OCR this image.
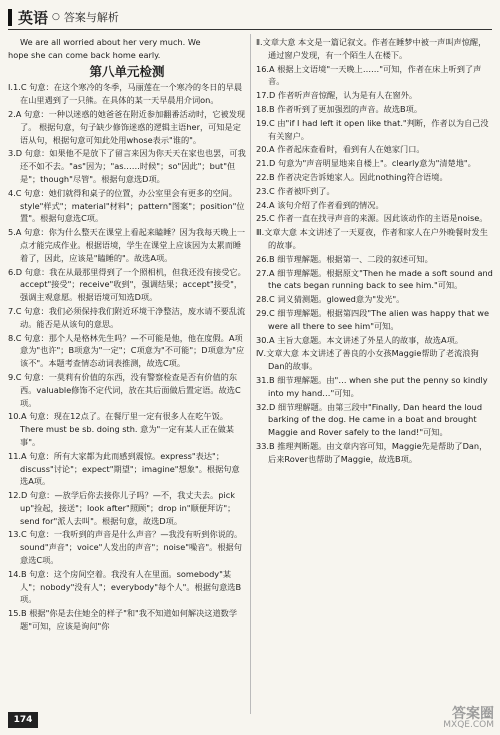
英语 ○ 答案与解析

We are all worried about her very much. We

hope she can come back home early.

第八单元检测

Ⅰ.1.C 句意：在这个寒冷的冬季，马丽莲在一个寒冷的冬日的早晨在山里遇到了一只熊。在具体的某一天早晨用介词on。

2.A 句意：一种以迷惑的她爸爸在附近参加翻番活动时，它被发现了。 根据句意，句子缺少修饰迷惑的逻辑主语her，可知是定语从句，根据句意可知此处用whose表示"谁的"。

3.D 句意：如果他不是放下了留言来因为你天天在家也也罢，可我还不如不去。"as"因为；"as……时候"；so"因此"；but"但是"；though"尽管"。根据句意选D项。

4.C 句意：她们就得和桌子的位置，办公室里会有更多的空间。style"样式"；material"材料"；pattern"图案"；position"位置"。根据句意选C项。

5.A 句意：你为什么整天在课堂上看起来瞌睡？因为我每天晚上一点才能完成作业。根据语境，学生在课堂上应该因为太累而睡着了，因此，应该是"瞌睡的"。故选A项。

6.D 句意：我在从最那里得到了一个照相机，但我还没有接受它。accept"接受"；receive"收到"，强调结果；accept"接受"，强调主观意愿。根据语境可知选D项。

7.C 句意：我们必须保持我们附近环境干净整洁，废水请不要乱流动。能否是从该句的意思。

8.C 句意：那个人是格林先生吗？—不可能是他，他在度假。A项意为"也许"；B项意为"一定"；C项意为"不可能"；D项意为"应该不"。本题考查情态动词表推测，故选C项。

9.C 句意：一莫莉有价值的东西，没有警察检查是否有价值的东西。valuable修饰不定代词，放在其后面做后置定语。故选C项。

10.A 句意：现在12点了。在餐厅里一定有很多人在吃午饭。There must be sb. doing sth. 意为"一定有某人正在做某事"。

11.A 句意：所有大家都为此而感到震惊。express"表达"；discuss"讨论"；expect"期望"；imagine"想象"。根据句意选A项。

12.D 句意：—放学后你去接你儿子吗？—不，我丈夫去。pick up"捡起，接送"；look after"照顾"；drop in"顺便拜访"；send for"派人去叫"。根据句意，故选D项。

13.C 句意：一我听到的声音是什么声音？—我没有听到你说的。sound"声音"；voice"人发出的声音"；noise"噪音"。根据句意选C项。

14.B 句意：这个房间空着。我没有人在里面。somebody"某人"；nobody"没有人"；everybody"每个人"。根据句意选B项。

15.B 根据"你是去住她全的样子"和"我不知道如何解决这道数学题"可知，应该是询问"你

Ⅱ.文章大意 本文是一篇记叙文。作者在睡梦中被一声叫声惊醒，通过窗户发现，有一个陌生人在楼下。

16.A 根据上文语境"一天晚上……"可知，作者在床上听到了声音。

17.D 作者听声音惊醒，认为是有人在窗外。

18.B 作者听到了更加强烈的声音。故选B项。

19.C 由"if I had left it open like that."判断，作者以为自己没有关窗户。

20.A 作者起床查看时，看到有人在她家门口。

21.D 句意为"声音明显地来自楼上"。clearly意为"清楚地"。

22.B 作者决定告诉她家人。因此nothing符合语境。

23.C 作者被吓到了。

24.A 该句介绍了作者看到的情况。

25.C 作者一直在找寻声音的来源。因此该动作的主语是noise。

Ⅲ.文章大意 本文讲述了一天夏夜，作者和家人在户外晚餐时发生的故事。

26.B 细节理解题。根据第一、二段的叙述可知。

27.A 细节理解题。根据原文"Then he made a soft sound and the cats began running back to see him."可知。

28.C 词义猜测题。glowed意为"发光"。

29.C 细节理解题。根据第四段"The alien was happy that we were all there to see him"可知。

30.A 主旨大意题。本文讲述了外星人的故事，故选A项。

Ⅳ.文章大意 本文讲述了善良的小女孩Maggie帮助了老流浪狗Dan的故事。

31.B 细节理解题。由"… when she put the penny so kindly into my hand…"可知。

32.D 细节理解题。由第三段中"Finally, Dan heard the loud barking of the dog. He came in a boat and brought Maggie and Rover safely to the land!"可知。

33.B 推理判断题。由文章内容可知，Maggie先是帮助了Dan，后来Rover也帮助了Maggie，故选B项。

174	答案圈
MXQE.COM
